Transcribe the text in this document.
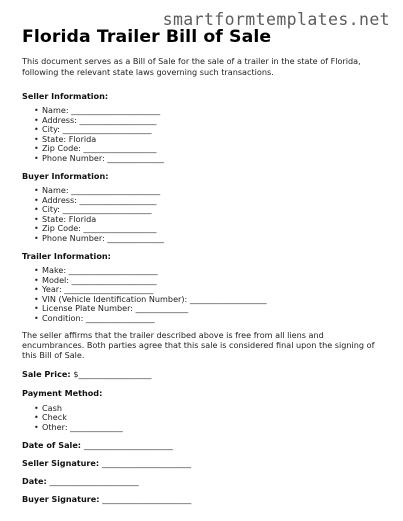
smartformtemplates.net
Florida Trailer Bill of Sale

This document serves as a Bill of Sale for the sale of a trailer in the state of Florida, following the relevant state laws governing such transactions.

Seller Information:
• Name: ______________________
• Address: ___________________
• City: ______________________
• State: Florida
• Zip Code: __________________
• Phone Number: ______________
Buyer Information:
• Name: ______________________
• Address: ___________________
• City: ______________________
• State: Florida
• Zip Code: __________________
• Phone Number: ______________
Trailer Information:
• Make: ______________________
• Model: _____________________
• Year: ______________________
• VIN (Vehicle Identification Number): ___________________
• License Plate Number: _____________
• Condition: _________________

The seller affirms that the trailer described above is free from all liens and encumbrances. Both parties agree that this sale is considered final upon the signing of this Bill of Sale.

Sale Price: $__________________
Payment Method:
• Cash
• Check
• Other: _____________
Date of Sale: ______________________
Seller Signature: ______________________
Date: ______________________
Buyer Signature: ______________________
